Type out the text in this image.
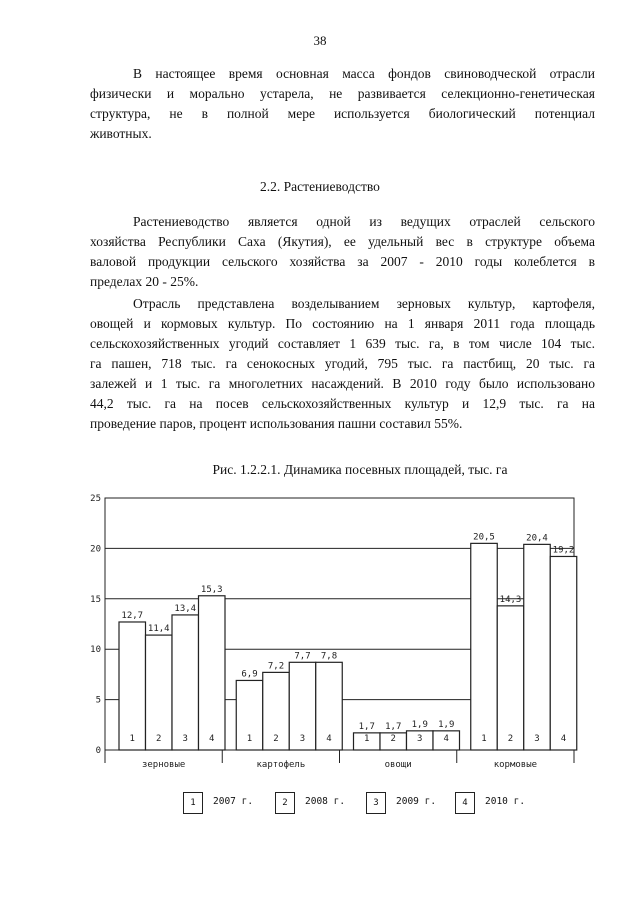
38
В настоящее время основная масса фондов свиноводческой отрасли
физически и морально устарела, не развивается селекционно-генетическая
структура, не в полной мере используется биологический потенциал
животных.
2.2. Растениеводство
Растениеводство является одной из ведущих отраслей сельского
хозяйства Республики Саха (Якутия), ее удельный вес в структуре объема
валовой продукции сельского хозяйства за 2007 - 2010 годы колеблется в
пределах 20 - 25%.
Отрасль представлена возделыванием зерновых культур, картофеля,
овощей и кормовых культур. По состоянию на 1 января 2011 года площадь
сельскохозяйственных угодий составляет 1 639 тыс. га, в том числе 104 тыс.
га пашен, 718 тыс. га сенокосных угодий, 795 тыс. га пастбищ, 20 тыс. га
залежей и 1 тыс. га многолетних насаждений. В 2010 году было использовано
44,2 тыс. га на посев сельскохозяйственных культур и 12,9 тыс. га на
проведение паров, процент использования пашни составил 55%.
Рис. 1.2.2.1. Динамика посевных площадей, тыс. га
0
5
10
15
20
25
1
12,7
2
11,4
3
13,4
4
15,3
зерновые
1
6,9
2
7,2
3
7,7
4
7,8
картофель
1
1,7
2
1,7
3
1,9
4
1,9
овощи
1
20,5
2
14,3
3
20,4
4
19,2
кормовые
1	2007 г.	2	2008 г.	3	2009 г.	4	2010 г.
